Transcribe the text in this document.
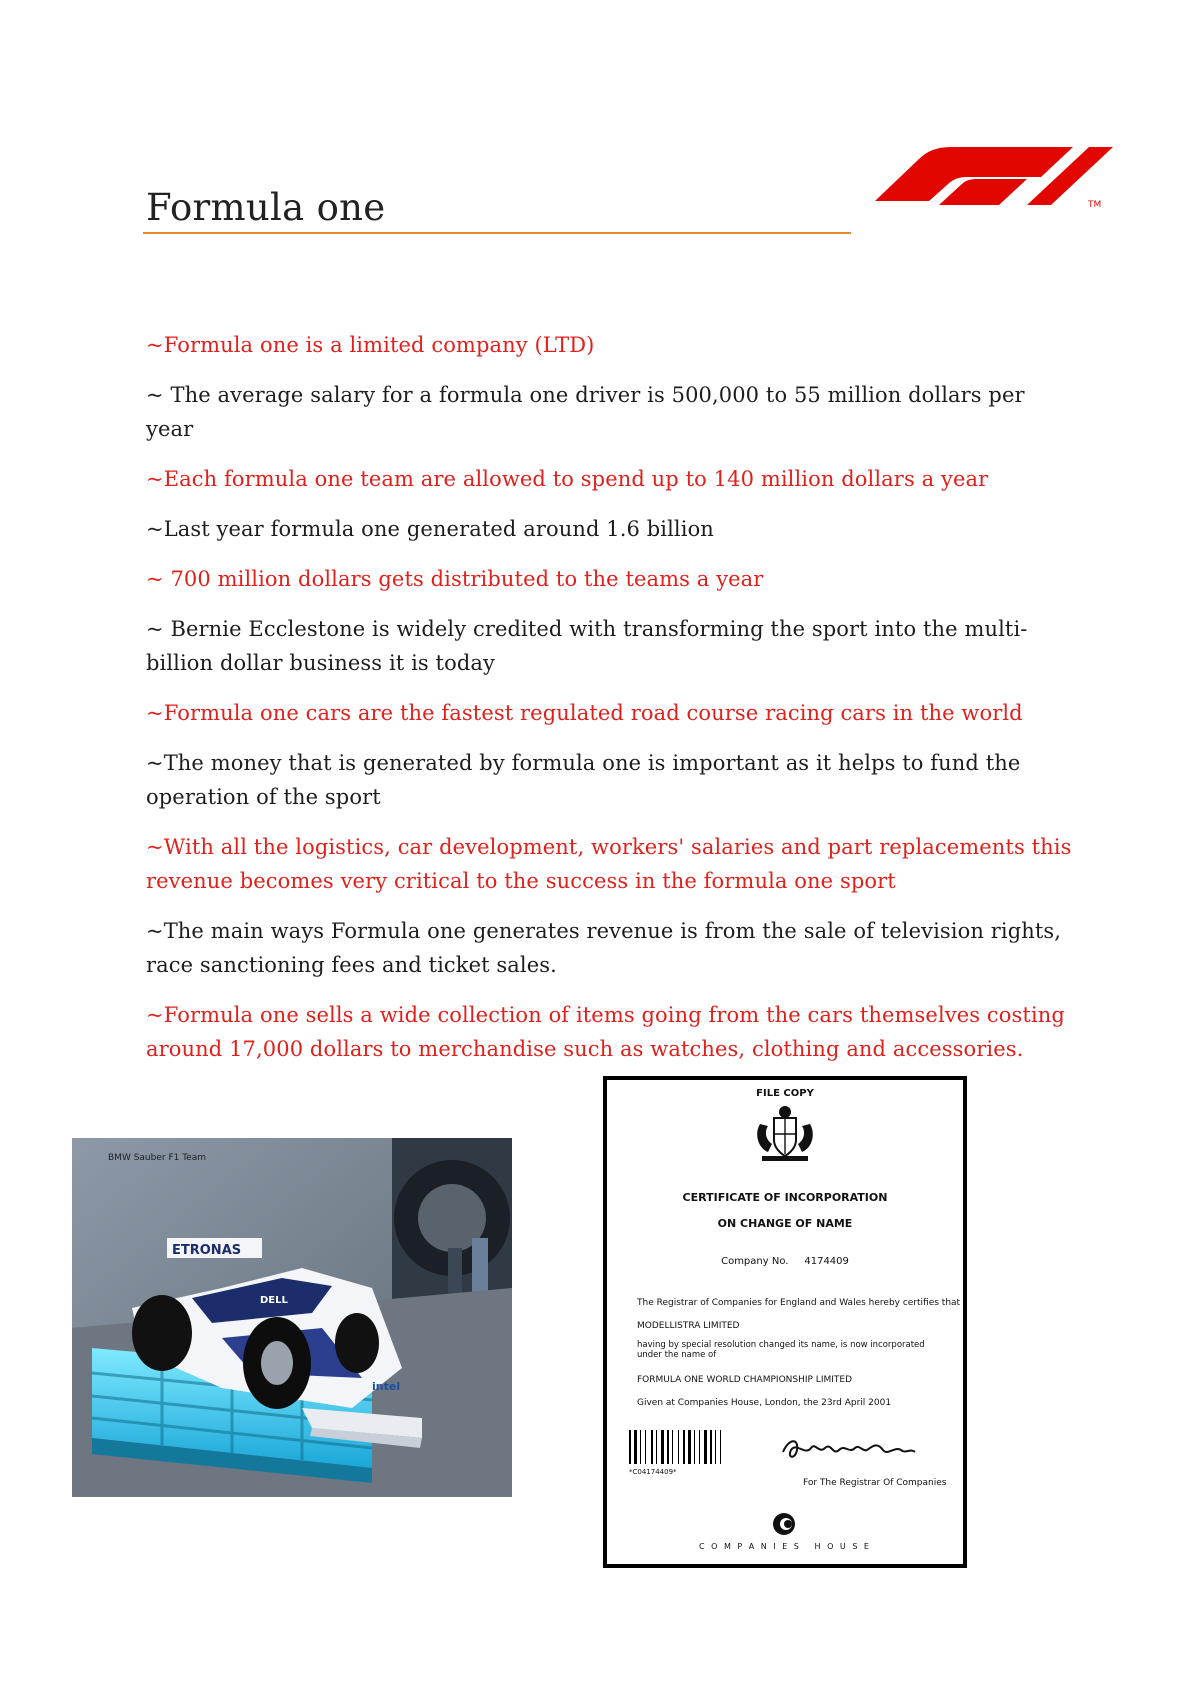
Formula one	TM

~Formula one is a limited company (LTD)

~ The average salary for a formula one driver is 500,000 to 55 million dollars per year

~Each formula one team are allowed to spend up to 140 million dollars a year

~Last year formula one generated around 1.6 billion

~ 700 million dollars gets distributed to the teams a year

~ Bernie Ecclestone is widely credited with transforming the sport into the multi-billion dollar business it is today

~Formula one cars are the fastest regulated road course racing cars in the world

~The money that is generated by formula one is important as it helps to fund the operation of the sport

~With all the logistics, car development, workers' salaries and part replacements this revenue becomes very critical to the success in the formula one sport

~The main ways Formula one generates revenue is from the sale of television rights, race sanctioning fees and ticket sales.

~Formula one sells a wide collection of items going from the cars themselves costing around 17,000 dollars to merchandise such as watches, clothing and accessories.

BMW Sauber F1 Team
ETRONAS
DELL
intel
FILE COPY
CERTIFICATE OF INCORPORATION
ON CHANGE OF NAME
Company No. 4174409
The Registrar of Companies for England and Wales hereby certifies that
MODELLISTRA LIMITED
having by special resolution changed its name, is now incorporated under the name of
FORMULA ONE WORLD CHAMPIONSHIP LIMITED
Given at Companies House, London, the 23rd April 2001
*C04174409*
For The Registrar Of Companies
C O M P A N I E S   H O U S E
